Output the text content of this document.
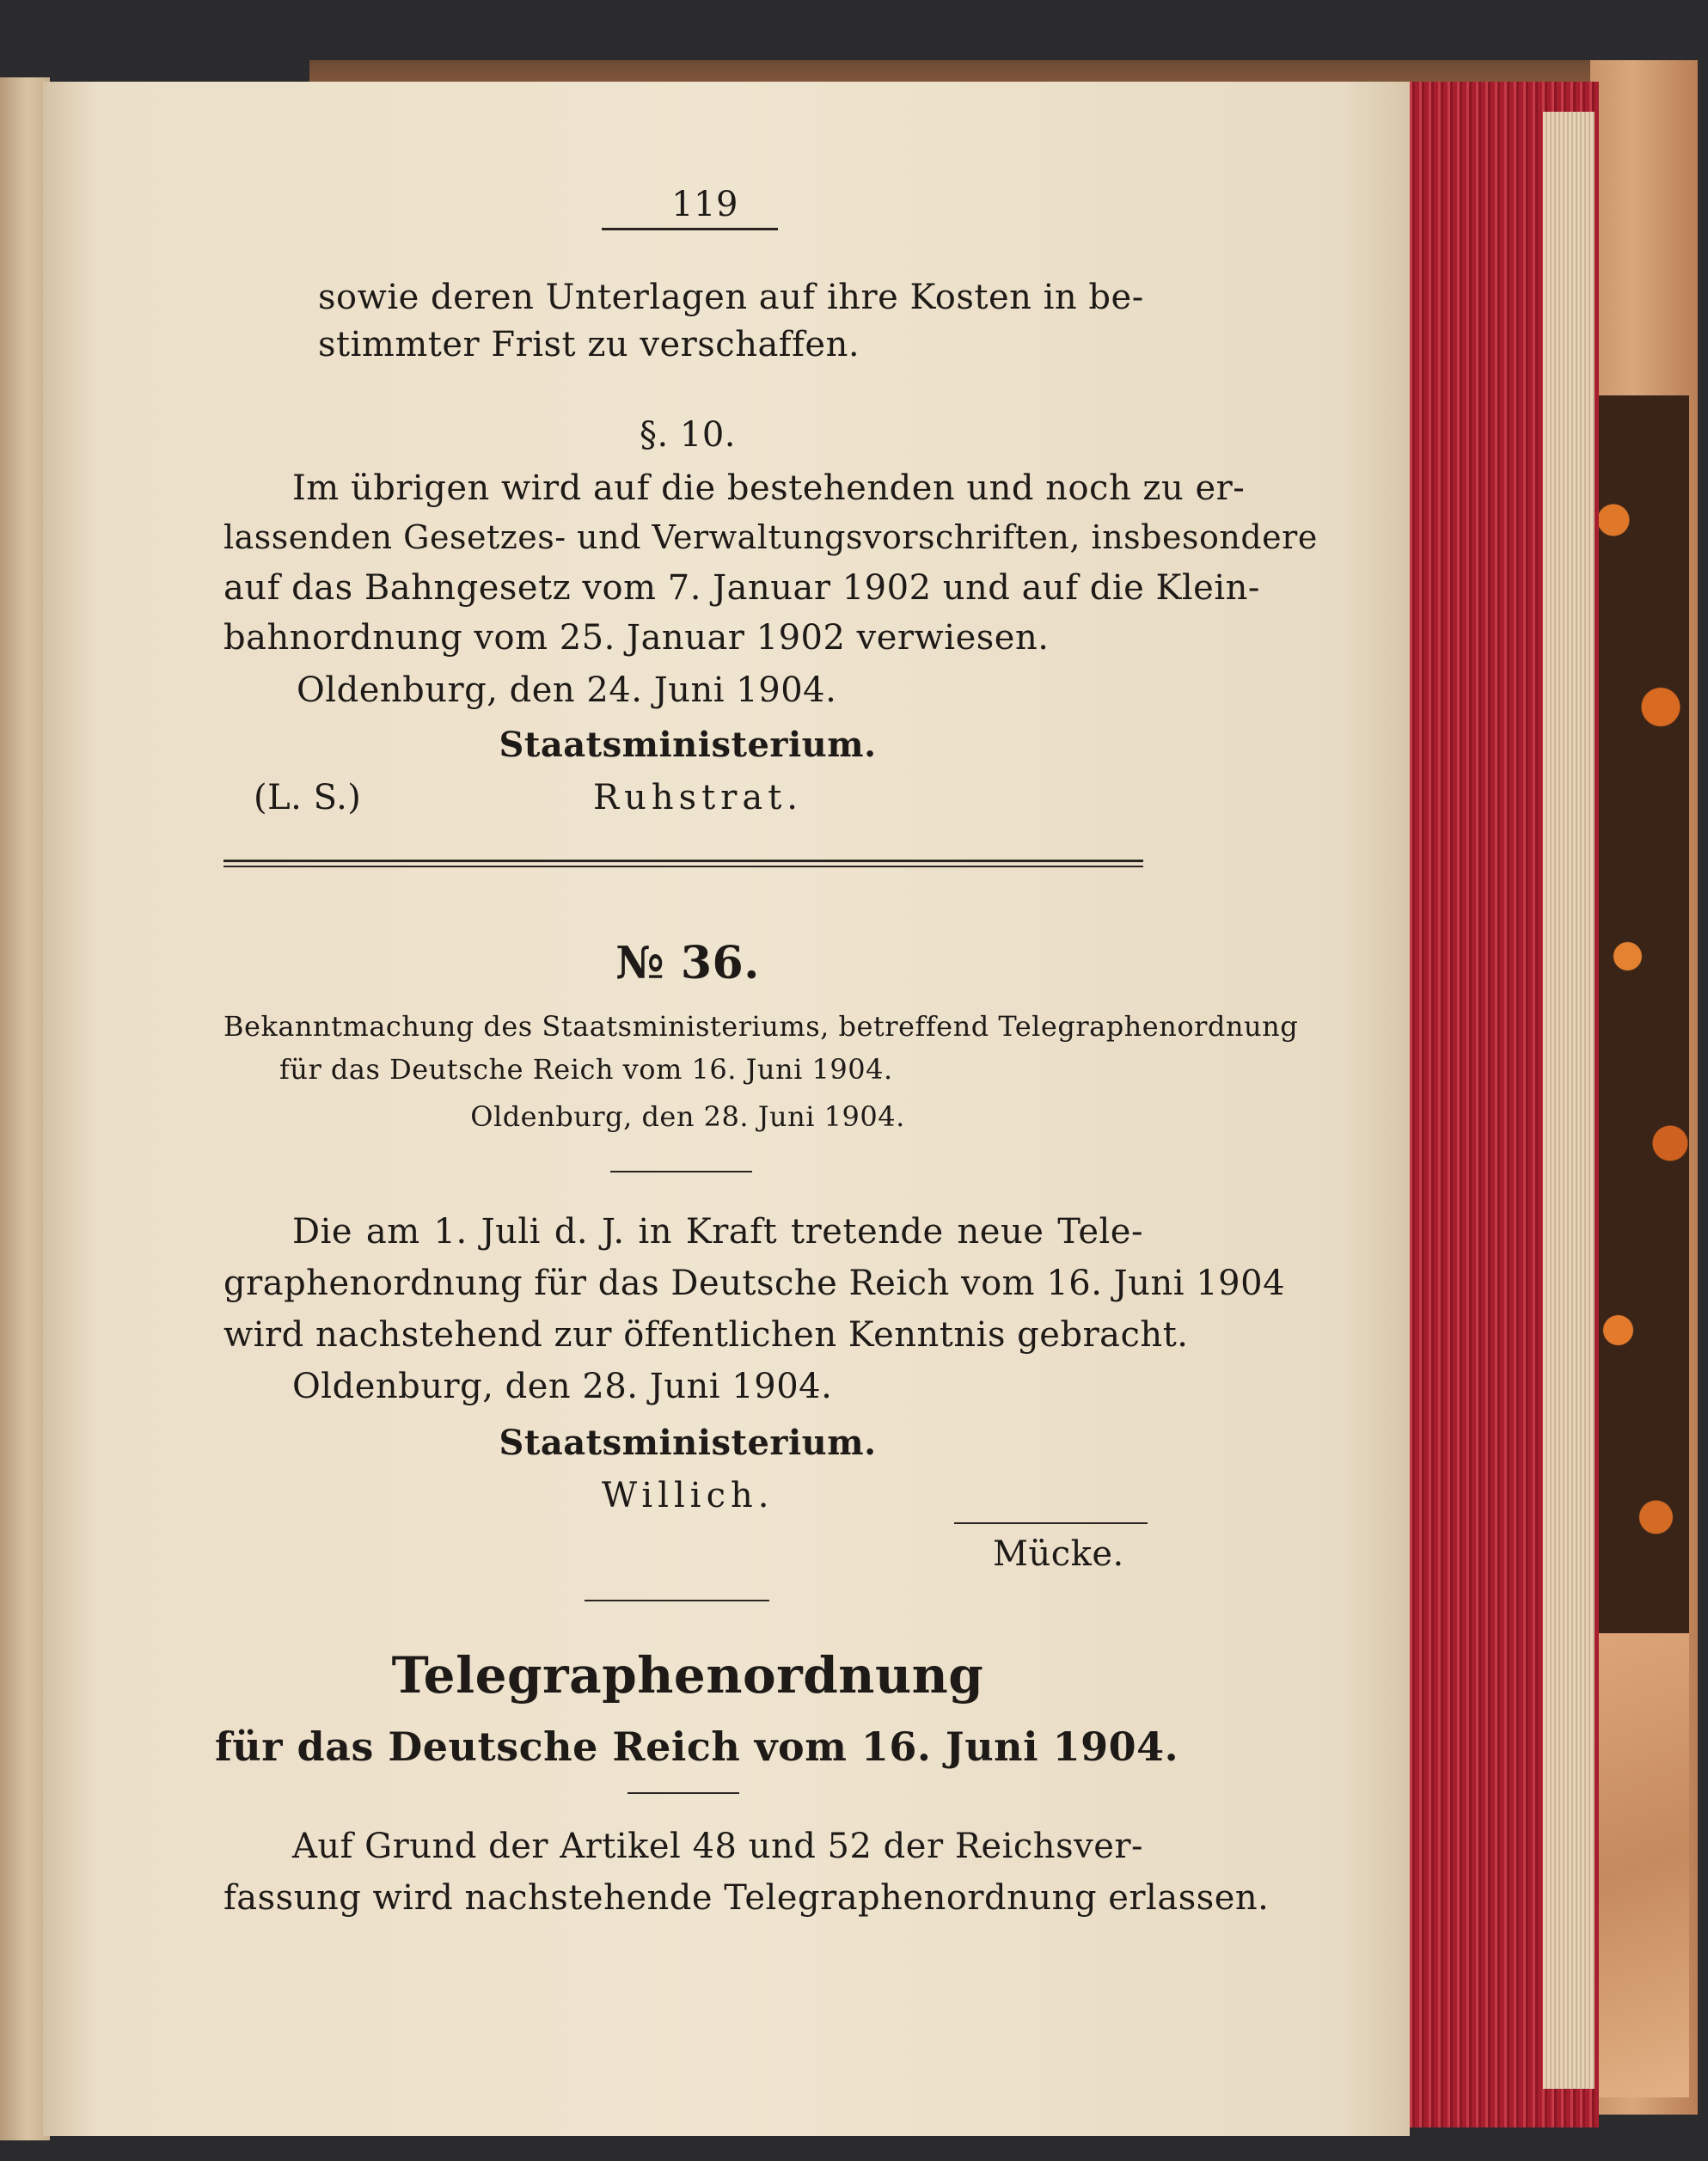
119
sowie deren Unterlagen auf ihre Kosten in be-
stimmter Frist zu verschaffen.
§. 10.
Im übrigen wird auf die bestehenden und noch zu er-
lassenden Gesetzes- und Verwaltungsvorschriften, insbesondere
auf das Bahngesetz vom 7. Januar 1902 und auf die Klein-
bahnordnung vom 25. Januar 1902 verwiesen.
Oldenburg, den 24. Juni 1904.
Staatsministerium.
(L. S.)	Ruhstrat.
№ 36.
Bekanntmachung des Staatsministeriums, betreffend Telegraphenordnung
für das Deutsche Reich vom 16. Juni 1904.
Oldenburg, den 28. Juni 1904.
Die am 1. Juli d. J. in Kraft tretende neue Tele-
graphenordnung für das Deutsche Reich vom 16. Juni 1904
wird nachstehend zur öffentlichen Kenntnis gebracht.
Oldenburg, den 28. Juni 1904.
Staatsministerium.
Willich.
Mücke.
Telegraphenordnung
für das Deutsche Reich vom 16. Juni 1904.
Auf Grund der Artikel 48 und 52 der Reichsver-
fassung wird nachstehende Telegraphenordnung erlassen.
